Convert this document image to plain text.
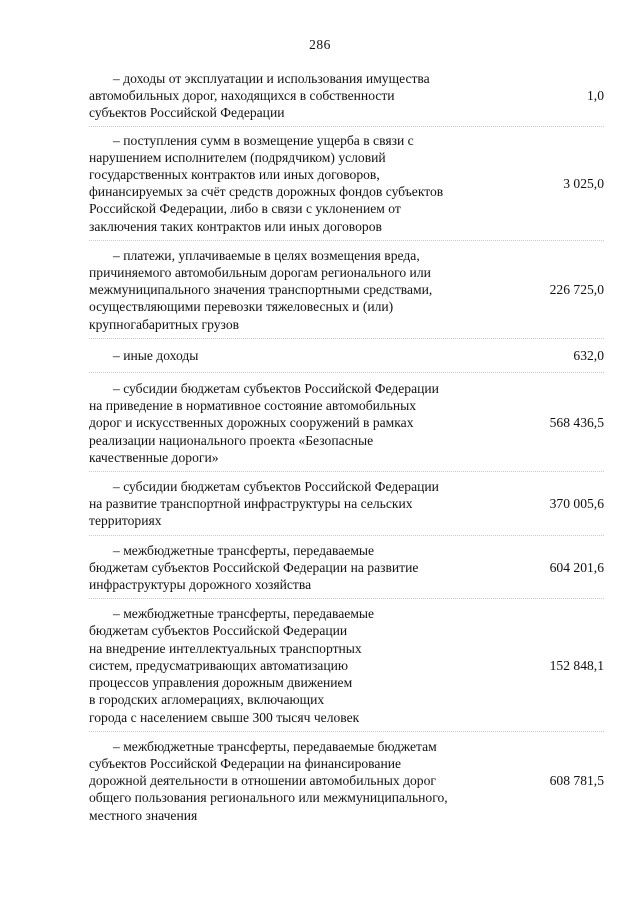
286
– доходы от эксплуатации и использования имущества
автомобильных дорог, находящихся в собственности
субъектов Российской Федерации
1,0
– поступления сумм в возмещение ущерба в связи с
нарушением исполнителем (подрядчиком) условий
государственных контрактов или иных договоров,
финансируемых за счёт средств дорожных фондов субъектов
Российской Федерации, либо в связи с уклонением от
заключения таких контрактов или иных договоров
3 025,0
– платежи, уплачиваемые в целях возмещения вреда,
причиняемого автомобильным дорогам регионального или
межмуниципального значения транспортными средствами,
осуществляющими перевозки тяжеловесных и (или)
крупногабаритных грузов
226 725,0
– иные доходы	632,0
– субсидии бюджетам субъектов Российской Федерации
на приведение в нормативное состояние автомобильных
дорог и искусственных дорожных сооружений в рамках
реализации национального проекта «Безопасные
качественные дороги»
568 436,5
– субсидии бюджетам субъектов Российской Федерации
на развитие транспортной инфраструктуры на сельских
территориях
370 005,6
– межбюджетные трансферты, передаваемые
бюджетам субъектов Российской Федерации на развитие
инфраструктуры дорожного хозяйства
604 201,6
– межбюджетные трансферты, передаваемые
бюджетам субъектов Российской Федерации
на внедрение интеллектуальных транспортных
систем, предусматривающих автоматизацию
процессов управления дорожным движением
в городских агломерациях, включающих
города с населением свыше 300 тысяч человек
152 848,1
– межбюджетные трансферты, передаваемые бюджетам
субъектов Российской Федерации на финансирование
дорожной деятельности в отношении автомобильных дорог
общего пользования регионального или межмуниципального,
местного значения
608 781,5
